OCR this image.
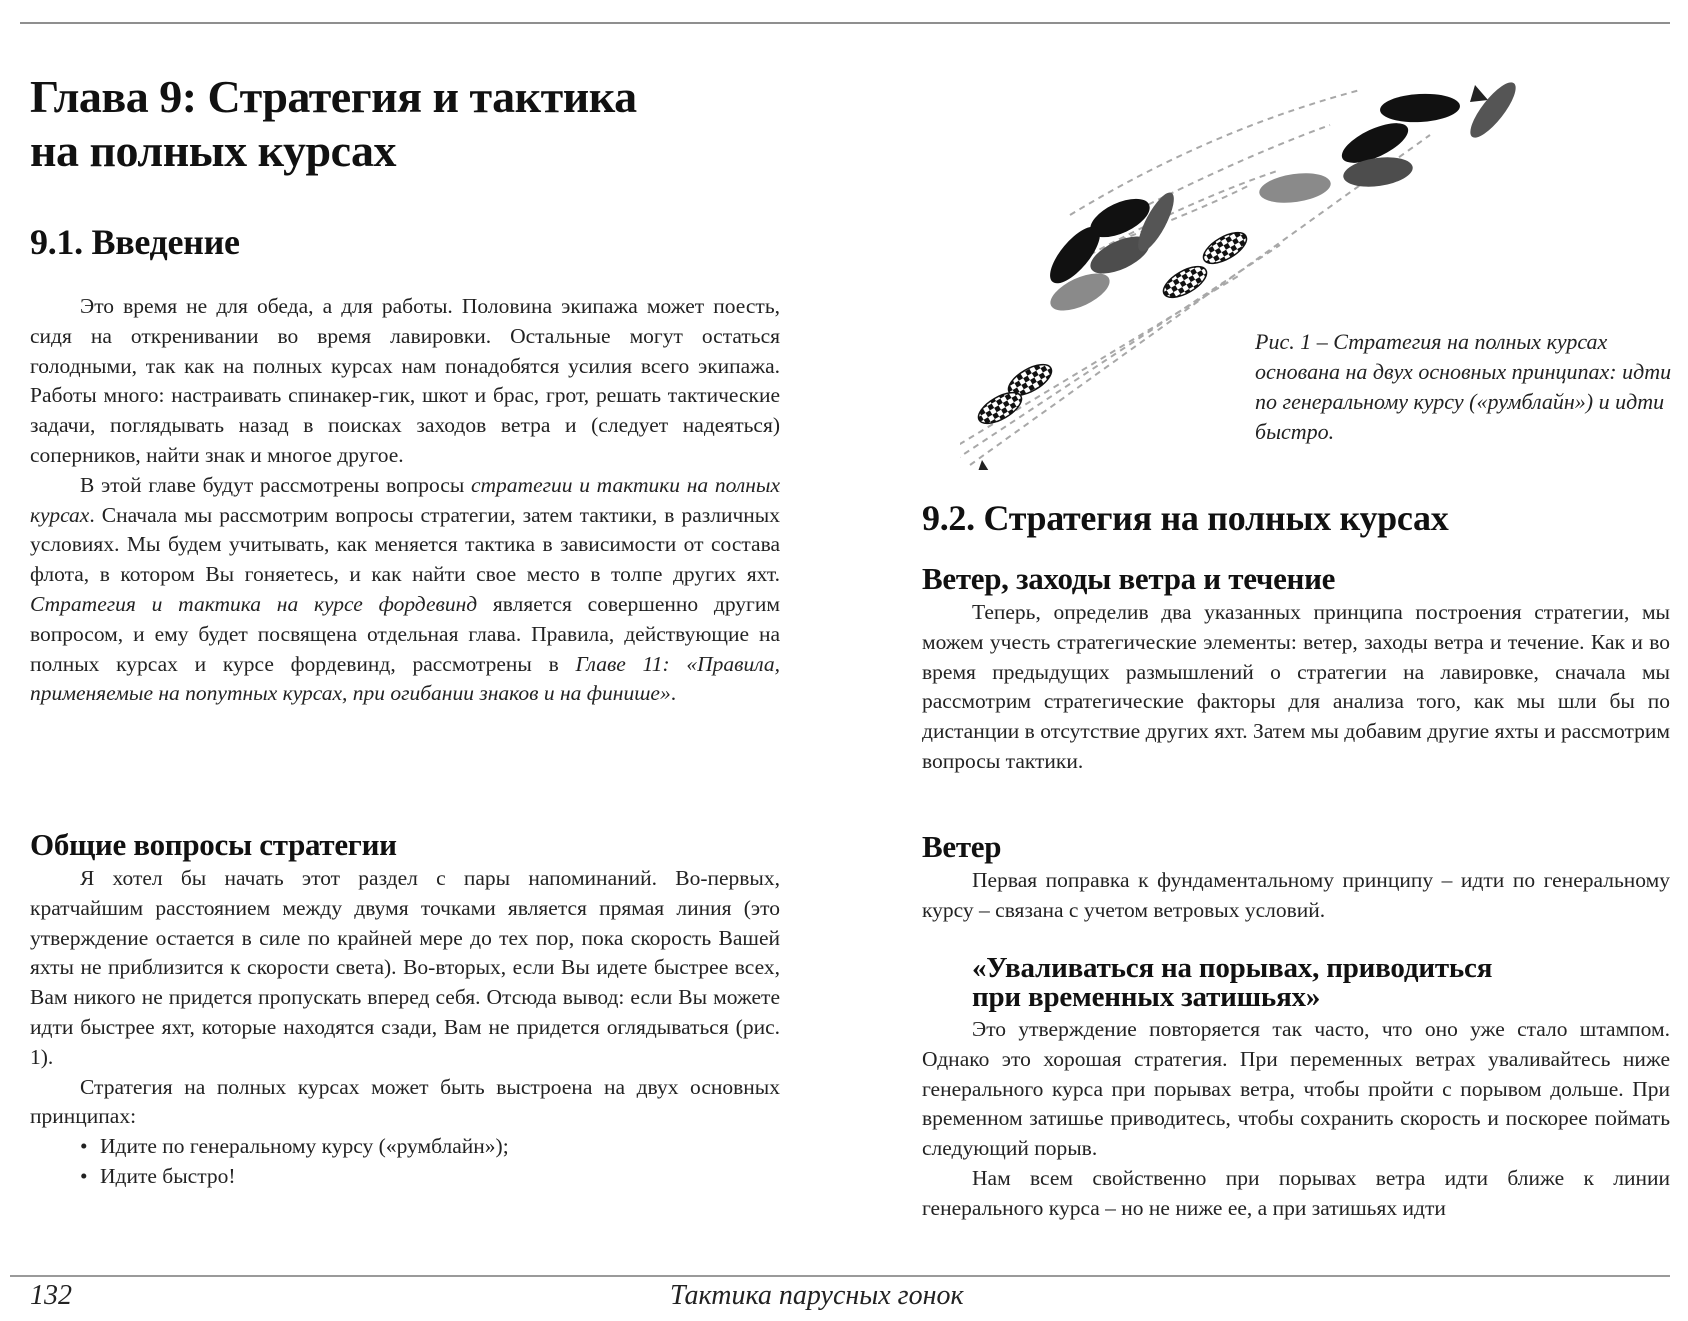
Глава 9: Стратегия и тактика
на полных курсах
9.1. Введение

Это время не для обеда, а для работы. Половина экипажа может поесть, сидя на откренивании во время лавировки. Остальные могут остаться голодными, так как на полных курсах нам понадобятся усилия всего экипажа. Работы много: настраивать спинакер-гик, шкот и брас, грот, решать тактические задачи, поглядывать назад в поисках заходов ветра и (следует надеяться) соперников, найти знак и многое другое.

В этой главе будут рассмотрены вопросы стратегии и тактики на полных курсах. Сначала мы рассмотрим вопросы стратегии, затем тактики, в различных условиях. Мы будем учитывать, как меняется тактика в зависимости от состава флота, в котором Вы гоняетесь, и как найти свое место в толпе других яхт. Стратегия и тактика на курсе фордевинд является совершенно другим вопросом, и ему будет посвящена отдельная глава. Правила, действующие на полных курсах и курсе фордевинд, рассмотрены в Главе 11: «Правила, применяемые на попутных курсах, при огибании знаков и на финише».

Общие вопросы стратегии

Я хотел бы начать этот раздел с пары напоминаний. Во-первых, кратчайшим расстоянием между двумя точками является прямая линия (это утверждение остается в силе по крайней мере до тех пор, пока скорость Вашей яхты не приблизится к скорости света). Во-вторых, если Вы идете быстрее всех, Вам никого не придется пропускать вперед себя. Отсюда вывод: если Вы можете идти быстрее яхт, которые находятся сзади, Вам не придется оглядываться (рис. 1).

Стратегия на полных курсах может быть выстроена на двух основных принципах:

• Идите по генеральному курсу («румблайн»);
• Идите быстро!
Рис. 1 – Стратегия на полных курсах основана на двух основных принципах: идти по генеральному курсу («румблайн») и идти быстро.
9.2. Стратегия на полных курсах
Ветер, заходы ветра и течение

Теперь, определив два указанных принципа построения стратегии, мы можем учесть стратегические элементы: ветер, заходы ветра и течение. Как и во время предыдущих размышлений о стратегии на лавировке, сначала мы рассмотрим стратегические факторы для анализа того, как мы шли бы по дистанции в отсутствие других яхт. Затем мы добавим другие яхты и рассмотрим вопросы тактики.

Ветер

Первая поправка к фундаментальному принципу – идти по генеральному курсу – связана с учетом ветровых условий.

«Уваливаться на порывах, приводиться
при временных затишьях»

Это утверждение повторяется так часто, что оно уже стало штампом. Однако это хорошая стратегия. При переменных ветрах уваливайтесь ниже генерального курса при порывах ветра, чтобы пройти с порывом дольше. При временном затишье приводитесь, чтобы сохранить скорость и поскорее поймать следующий порыв.

Нам всем свойственно при порывах ветра идти ближе к линии генерального курса – но не ниже ее, а при затишьях идти

132	Тактика парусных гонок
